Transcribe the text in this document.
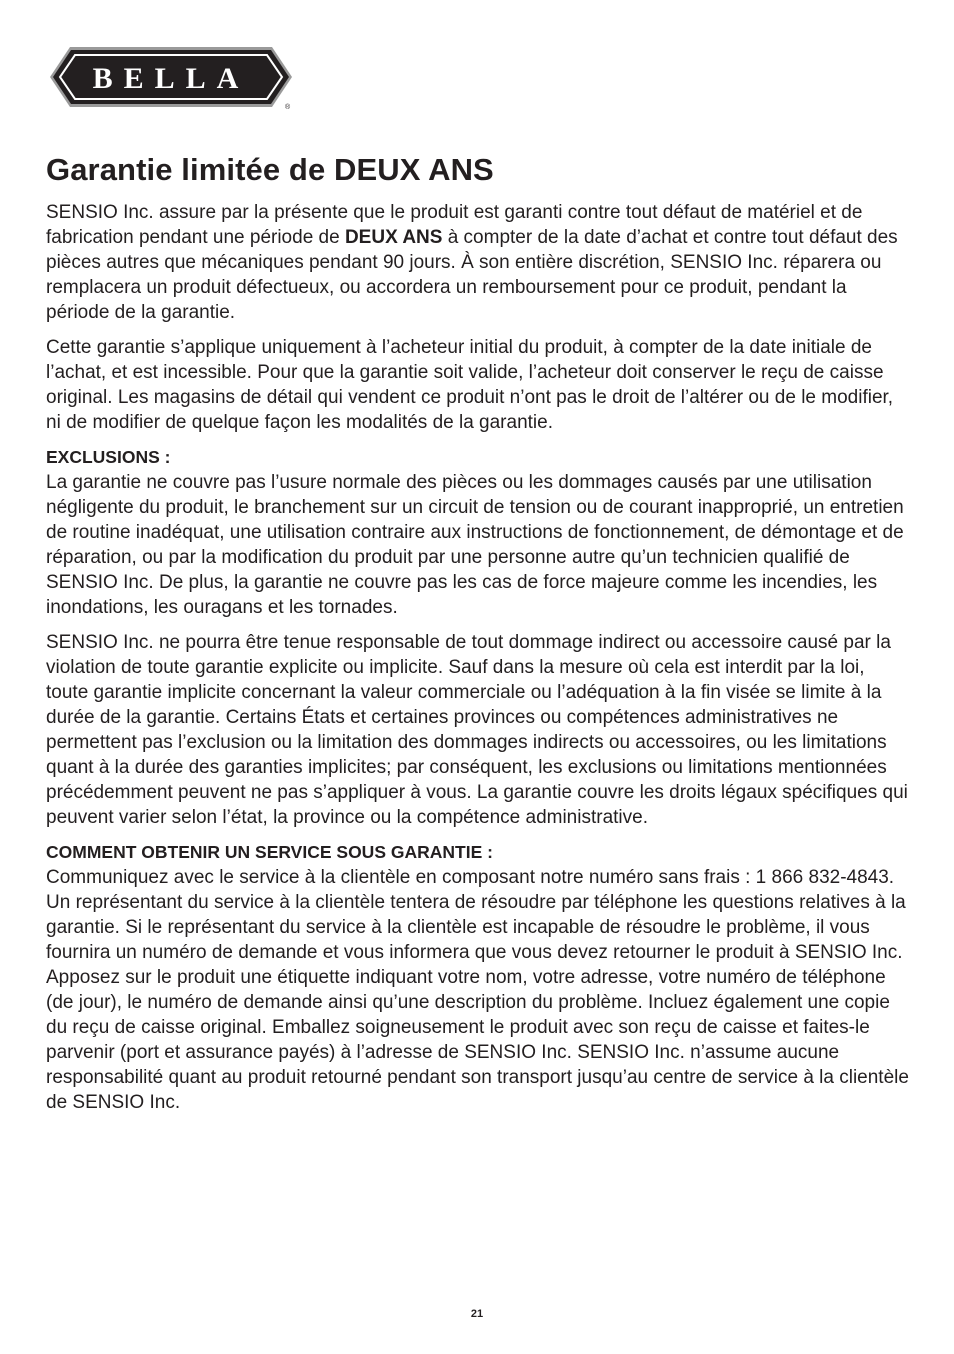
BELLA
®
Garantie limitée de DEUX ANS

SENSIO Inc. assure par la présente que le produit est garanti contre tout défaut de matériel et de fabrication pendant une période de DEUX ANS à compter de la date d’achat et contre tout défaut des pièces autres que mécaniques pendant 90 jours. À son entière discrétion, SENSIO Inc. réparera ou remplacera un produit défectueux, ou accordera un remboursement pour ce produit, pendant la période de la garantie.

Cette garantie s’applique uniquement à l’acheteur initial du produit, à compter de la date initiale de l’achat, et est incessible. Pour que la garantie soit valide, l’acheteur doit conserver le reçu de caisse original. Les magasins de détail qui vendent ce produit n’ont pas le droit de l’altérer ou de le modifier, ni de modifier de quelque façon les modalités de la garantie.

EXCLUSIONS :

La garantie ne couvre pas l’usure normale des pièces ou les dommages causés par une utilisation négligente du produit, le branchement sur un circuit de tension ou de courant inapproprié, un entretien de routine inadéquat, une utilisation contraire aux instructions de fonctionnement, de démontage et de réparation, ou par la modification du produit par une personne autre qu’un technicien qualifié de SENSIO Inc. De plus, la garantie ne couvre pas les cas de force majeure comme les incendies, les inondations, les ouragans et les tornades.

SENSIO Inc. ne pourra être tenue responsable de tout dommage indirect ou accessoire causé par la violation de toute garantie explicite ou implicite. Sauf dans la mesure où cela est interdit par la loi, toute garantie implicite concernant la valeur commerciale ou l’adéquation à la fin visée se limite à la durée de la garantie. Certains États et certaines provinces ou compétences administratives ne permettent pas l’exclusion ou la limitation des dommages indirects ou accessoires, ou les limitations quant à la durée des garanties implicites; par conséquent, les exclusions ou limitations mentionnées précédemment peuvent ne pas s’appliquer à vous. La garantie couvre les droits légaux spécifiques qui peuvent varier selon l’état, la province ou la compétence administrative.

COMMENT OBTENIR UN SERVICE SOUS GARANTIE :

Communiquez avec le service à la clientèle en composant notre numéro sans frais : 1 866 832-4843. Un représentant du service à la clientèle tentera de résoudre par téléphone les questions relatives à la garantie. Si le représentant du service à la clientèle est incapable de résoudre le problème, il vous fournira un numéro de demande et vous informera que vous devez retourner le produit à SENSIO Inc. Apposez sur le produit une étiquette indiquant votre nom, votre adresse, votre numéro de téléphone (de jour), le numéro de demande ainsi qu’une description du problème. Incluez également une copie du reçu de caisse original. Emballez soigneusement le produit avec son reçu de caisse et faites-le parvenir (port et assurance payés) à l’adresse de SENSIO Inc. SENSIO Inc. n’assume aucune responsabilité quant au produit retourné pendant son transport jusqu’au centre de service à la clientèle de SENSIO Inc.

21
